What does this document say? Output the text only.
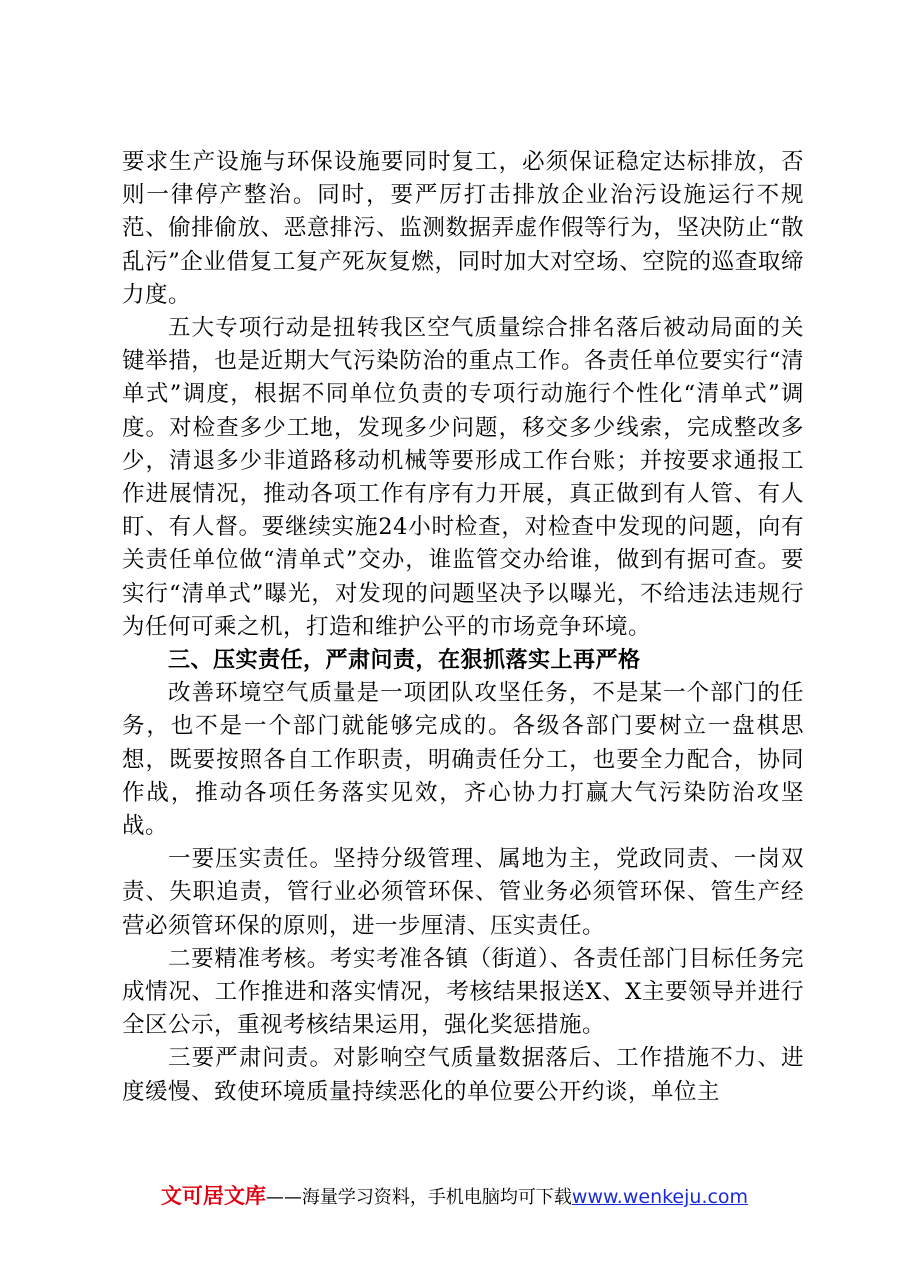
要求生产设施与环保设施要同时复工，必须保证稳定达标排放，否则一律停产整治。同时，要严厉打击排放企业治污设施运行不规范、偷排偷放、恶意排污、监测数据弄虚作假等行为，坚决防止“散乱污”企业借复工复产死灰复燃，同时加大对空场、空院的巡查取缔力度。

五大专项行动是扭转我区空气质量综合排名落后被动局面的关键举措，也是近期大气污染防治的重点工作。各责任单位要实行“清单式”调度，根据不同单位负责的专项行动施行个性化“清单式”调度。对检查多少工地，发现多少问题，移交多少线索，完成整改多少，清退多少非道路移动机械等要形成工作台账；并按要求通报工作进展情况，推动各项工作有序有力开展，真正做到有人管、有人盯、有人督。要继续实施24小时检查，对检查中发现的问题，向有关责任单位做“清单式”交办，谁监管交办给谁，做到有据可查。要实行“清单式”曝光，对发现的问题坚决予以曝光，不给违法违规行为任何可乘之机，打造和维护公平的市场竞争环境。

三、压实责任，严肃问责，在狠抓落实上再严格

改善环境空气质量是一项团队攻坚任务，不是某一个部门的任务，也不是一个部门就能够完成的。各级各部门要树立一盘棋思想，既要按照各自工作职责，明确责任分工，也要全力配合，协同作战，推动各项任务落实见效，齐心协力打赢大气污染防治攻坚战。

一要压实责任。坚持分级管理、属地为主，党政同责、一岗双责、失职追责，管行业必须管环保、管业务必须管环保、管生产经营必须管环保的原则，进一步厘清、压实责任。

二要精准考核。考实考准各镇（街道）、各责任部门目标任务完成情况、工作推进和落实情况，考核结果报送X、X主要领导并进行全区公示，重视考核结果运用，强化奖惩措施。

三要严肃问责。对影响空气质量数据落后、工作措施不力、进度缓慢、致使环境质量持续恶化的单位要公开约谈，单位主

文可居文库——海量学习资料，手机电脑均可下载www.wenkeju.com
